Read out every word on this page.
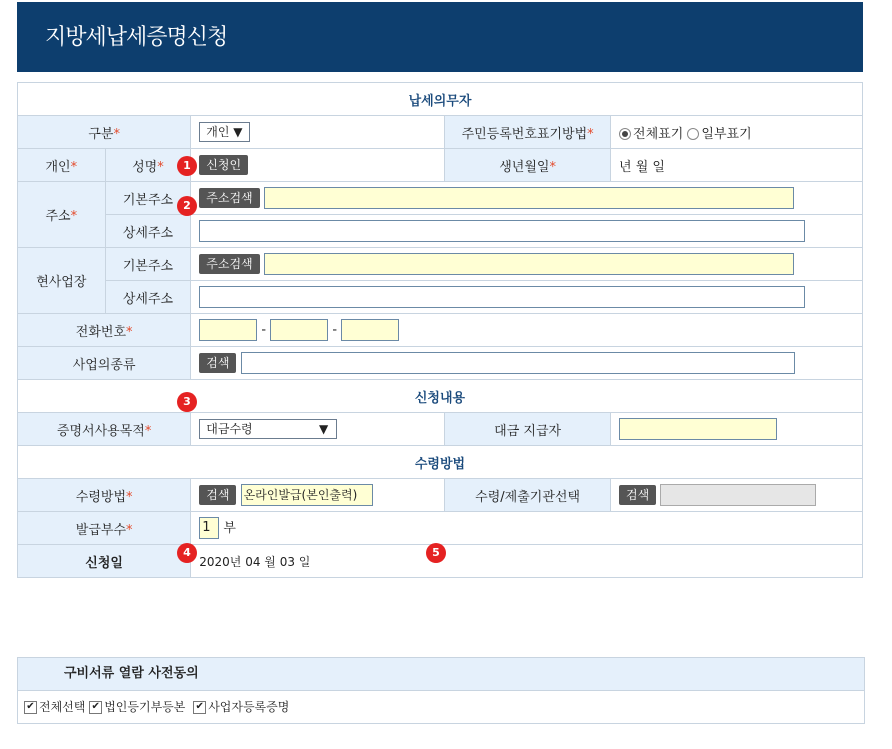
지방세납세증명신청
납세의무자				
구분*		개인 ▼	주민등록번호표기방법*	전체표기 일부표기
개인*	성명*	신청인	생년월일*	년 월 일
주소*	기본주소	주소검색		
	상세주소			
현사업장	기본주소	주소검색		
	상세주소			
전화번호*		- -		
사업의종류		검색		
신청내용				
증명서사용목적*		대금수령 ▼	대금 지급자	
수령방법				
수령방법*		검색 온라인발급(본인출력)	수령/제출기관선택	검색
발급부수*		1 부		
신청일		2020년 04 월 03 일		
1
2
3
4	5
구비서류 열람 사전동의
✔ 전체선택 ✔ 법인등기부등본 ✔ 사업자등록증명
